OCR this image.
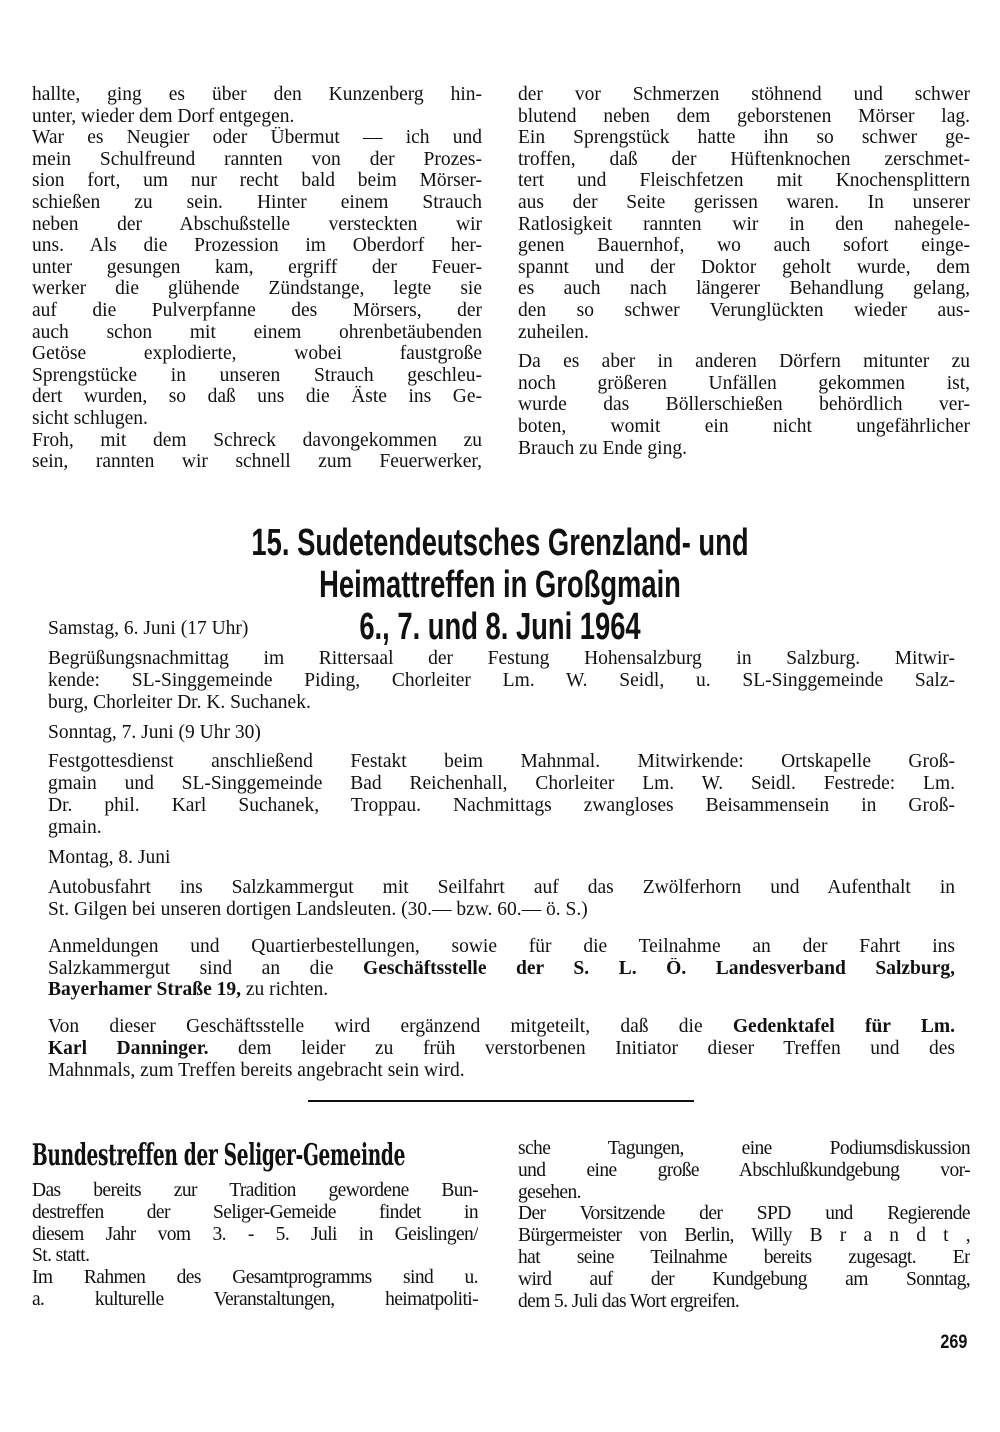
hallte, ging es über den Kunzenberg hin-
unter, wieder dem Dorf entgegen.
War es Neugier oder Übermut — ich und
mein Schulfreund rannten von der Prozes-
sion fort, um nur recht bald beim Mörser-
schießen zu sein. Hinter einem Strauch
neben der Abschußstelle versteckten wir
uns. Als die Prozession im Oberdorf her-
unter gesungen kam, ergriff der Feuer-
werker die glühende Zündstange, legte sie
auf die Pulverpfanne des Mörsers, der
auch schon mit einem ohrenbetäubenden
Getöse explodierte, wobei faustgroße
Sprengstücke in unseren Strauch geschleu-
dert wurden, so daß uns die Äste ins Ge-
sicht schlugen.
Froh, mit dem Schreck davongekommen zu
sein, rannten wir schnell zum Feuerwerker,
der vor Schmerzen stöhnend und schwer
blutend neben dem geborstenen Mörser lag.
Ein Sprengstück hatte ihn so schwer ge-
troffen, daß der Hüftenknochen zerschmet-
tert und Fleischfetzen mit Knochensplittern
aus der Seite gerissen waren. In unserer
Ratlosigkeit rannten wir in den nahegele-
genen Bauernhof, wo auch sofort einge-
spannt und der Doktor geholt wurde, dem
es auch nach längerer Behandlung gelang,
den so schwer Verunglückten wieder aus-
zuheilen.
Da es aber in anderen Dörfern mitunter zu
noch größeren Unfällen gekommen ist,
wurde das Böllerschießen behördlich ver-
boten, womit ein nicht ungefährlicher
Brauch zu Ende ging.
15. Sudetendeutsches Grenzland- und Heimattreffen in Großgmain
6., 7. und 8. Juni 1964
Samstag, 6. Juni (17 Uhr)
Begrüßungsnachmittag im Rittersaal der Festung Hohensalzburg in Salzburg. Mitwir-
kende: SL-Singgemeinde Piding, Chorleiter Lm. W. Seidl, u. SL-Singgemeinde Salz-
burg, Chorleiter Dr. K. Suchanek.
Sonntag, 7. Juni (9 Uhr 30)
Festgottesdienst anschließend Festakt beim Mahnmal. Mitwirkende: Ortskapelle Groß-
gmain und SL-Singgemeinde Bad Reichenhall, Chorleiter Lm. W. Seidl. Festrede: Lm.
Dr. phil. Karl Suchanek, Troppau. Nachmittags zwangloses Beisammensein in Groß-
gmain.
Montag, 8. Juni
Autobusfahrt ins Salzkammergut mit Seilfahrt auf das Zwölferhorn und Aufenthalt in
St. Gilgen bei unseren dortigen Landsleuten. (30.— bzw. 60.— ö. S.)
Anmeldungen und Quartierbestellungen, sowie für die Teilnahme an der Fahrt ins
Salzkammergut sind an die Geschäftsstelle der S. L. Ö. Landesverband Salzburg,
Bayerhamer Straße 19, zu richten.
Von dieser Geschäftsstelle wird ergänzend mitgeteilt, daß die Gedenktafel für Lm.
Karl Danninger. dem leider zu früh verstorbenen Initiator dieser Treffen und des
Mahnmals, zum Treffen bereits angebracht sein wird.
Bundestreffen der Seliger-Gemeinde
Das bereits zur Tradition gewordene Bun-
destreffen der Seliger-Gemeide findet in
diesem Jahr vom 3. - 5. Juli in Geislingen/
St. statt.
Im Rahmen des Gesamtprogramms sind u.
a. kulturelle Veranstaltungen, heimatpoliti-
sche Tagungen, eine Podiumsdiskussion
und eine große Abschlußkundgebung vor-
gesehen.
Der Vorsitzende der SPD und Regierende
Bürgermeister von Berlin, Willy B r a n d t ,
hat seine Teilnahme bereits zugesagt. Er
wird auf der Kundgebung am Sonntag,
dem 5. Juli das Wort ergreifen.
269
